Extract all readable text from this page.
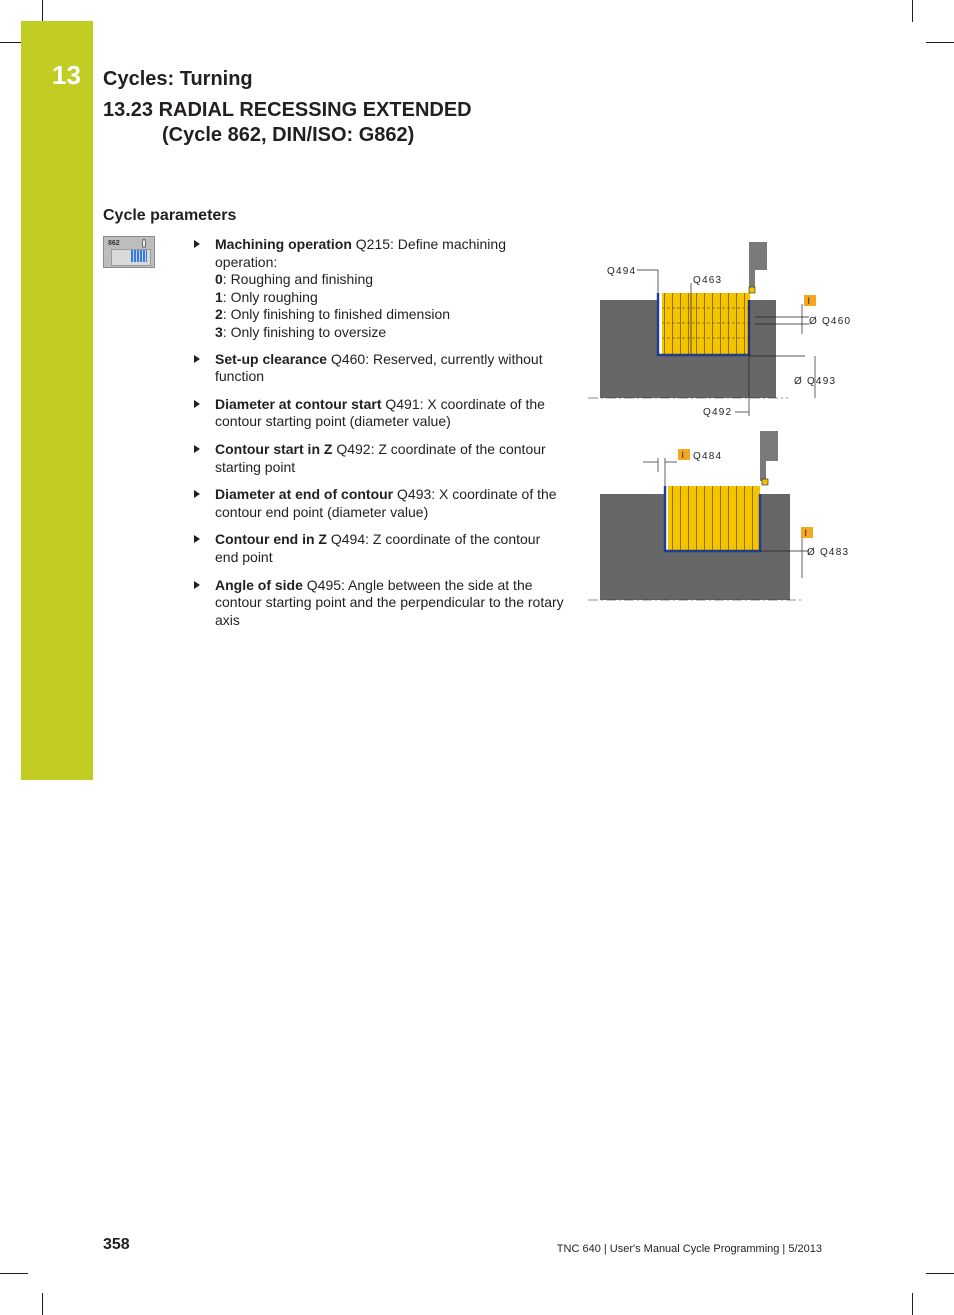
13 Cycles: Turning
13.23 RADIAL RECESSING EXTENDED
(Cycle 862, DIN/ISO: G862)
Cycle parameters
862	Machining operation Q215: Define machining operation:
0: Roughing and finishing
1: Only roughing
2: Only finishing to finished dimension
3: Only finishing to oversize
Set-up clearance Q460: Reserved, currently without function
Diameter at contour start Q491: X coordinate of the contour starting point (diameter value)
Contour start in Z Q492: Z coordinate of the contour starting point
Diameter at end of contour Q493: X coordinate of the contour end point (diameter value)
Contour end in Z Q494: Z coordinate of the contour end point
Angle of side Q495: Angle between the side at the contour starting point and the perpendicular to the rotary axis
Q494
Q463
I
Ø Q460
Ø Q493
Q492
I Q484
I
Ø Q483
358	TNC 640 | User's Manual Cycle Programming | 5/2013
